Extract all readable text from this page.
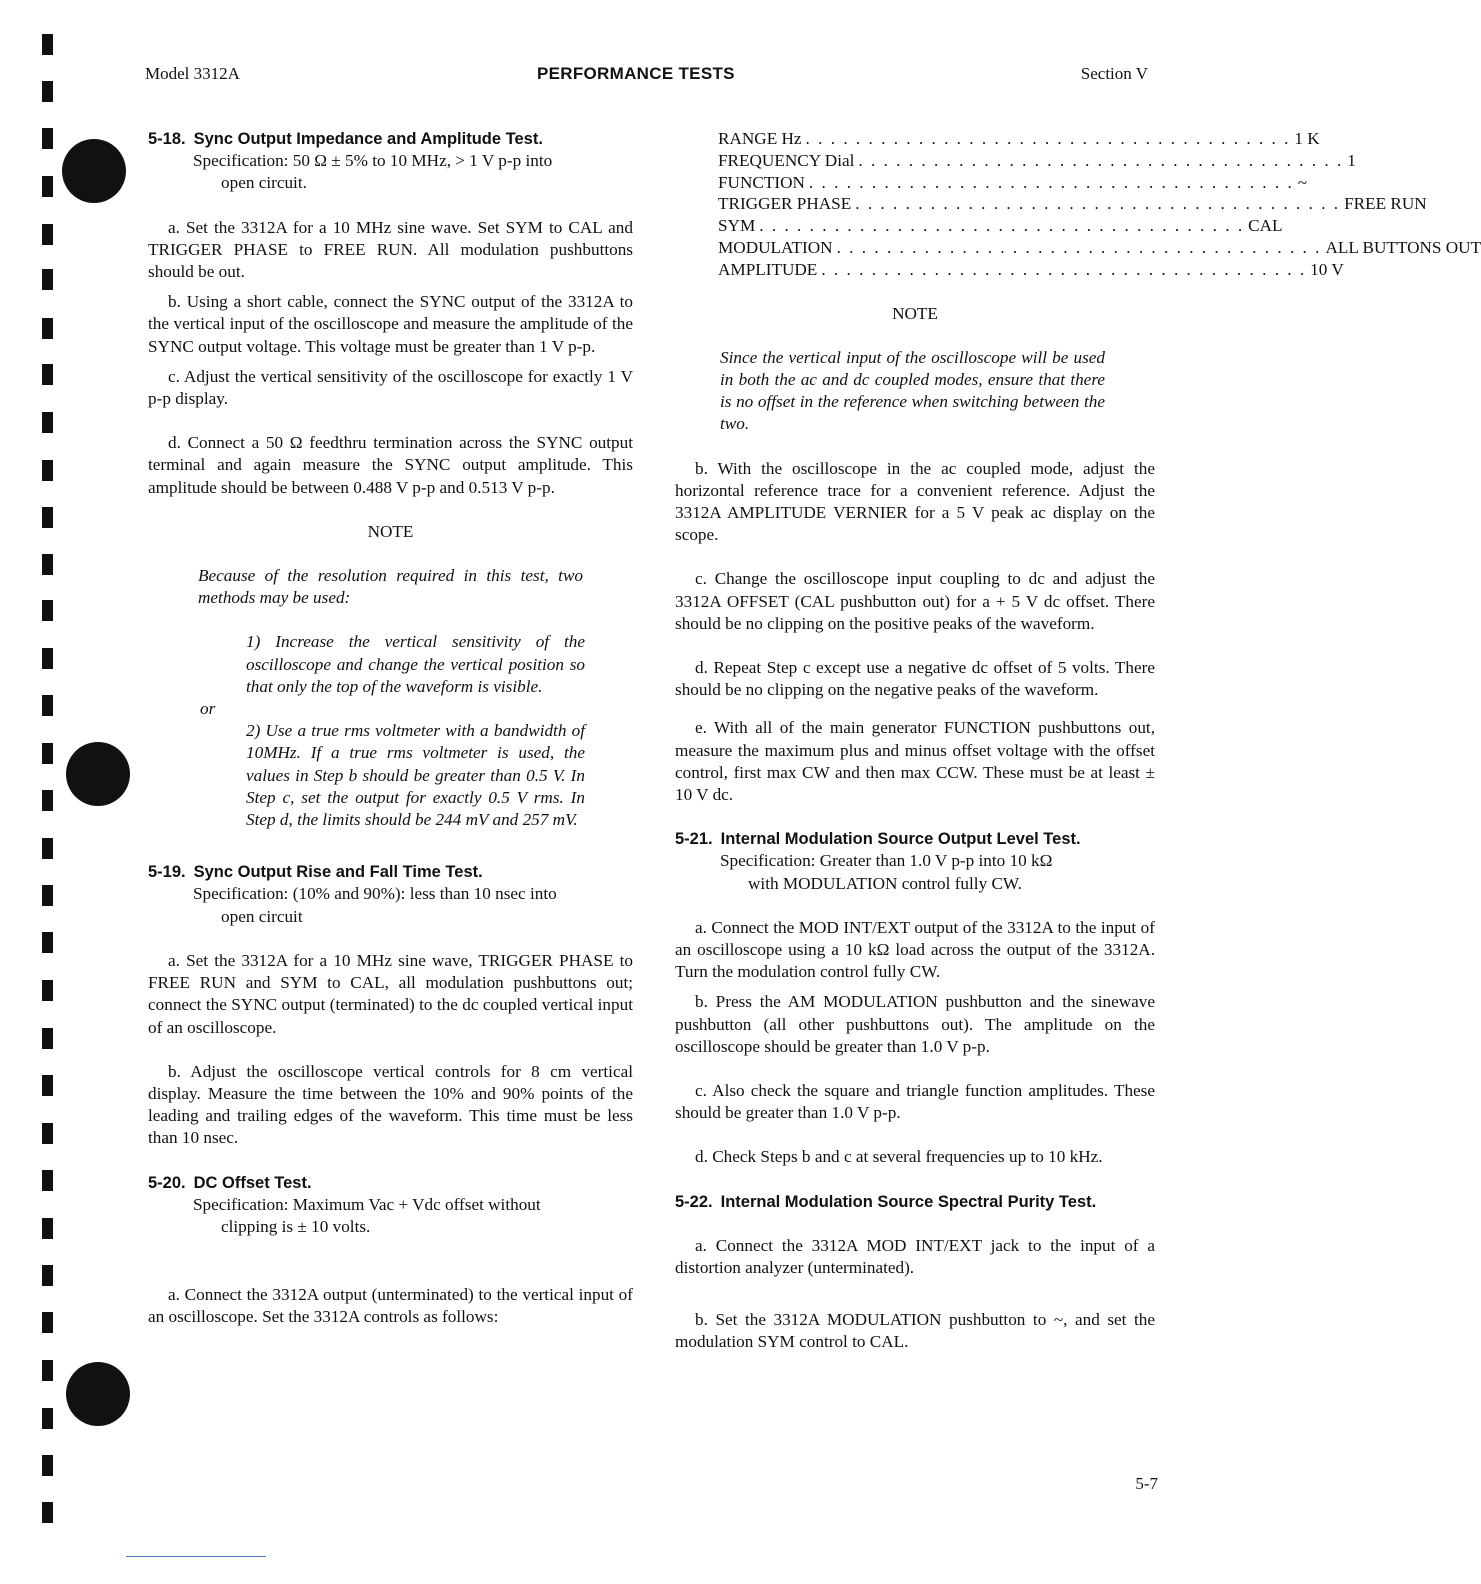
Model 3312A	PERFORMANCE TESTS	Section V
5-18. Sync Output Impedance and Amplitude Test.

Specification: 50 Ω ± 5% to 10 MHz, > 1 V p-p into
open circuit.

a. Set the 3312A for a 10 MHz sine wave. Set SYM to CAL and TRIGGER PHASE to FREE RUN. All modulation pushbuttons should be out.

b. Using a short cable, connect the SYNC output of the 3312A to the vertical input of the oscilloscope and measure the amplitude of the SYNC output voltage. This voltage must be greater than 1 V p-p.

c. Adjust the vertical sensitivity of the oscilloscope for exactly 1 V p-p display.

d. Connect a 50 Ω feedthru termination across the SYNC output terminal and again measure the SYNC output amplitude. This amplitude should be between 0.488 V p-p and 0.513 V p-p.

NOTE

Because of the resolution required in this test, two methods may be used:

1) Increase the vertical sensitivity of the oscilloscope and change the vertical position so that only the top of the waveform is visible.

or

2) Use a true rms voltmeter with a bandwidth of 10MHz. If a true rms voltmeter is used, the values in Step b should be greater than 0.5 V. In Step c, set the output for exactly 0.5 V rms. In Step d, the limits should be 244 mV and 257 mV.

5-19. Sync Output Rise and Fall Time Test.

Specification: (10% and 90%): less than 10 nsec into
open circuit

a. Set the 3312A for a 10 MHz sine wave, TRIGGER PHASE to FREE RUN and SYM to CAL, all modulation pushbuttons out; connect the SYNC output (terminated) to the dc coupled vertical input of an oscilloscope.

b. Adjust the oscilloscope vertical controls for 8 cm vertical display. Measure the time between the 10% and 90% points of the leading and trailing edges of the waveform. This time must be less than 10 nsec.

5-20. DC Offset Test.

Specification: Maximum Vac + Vdc offset without
clipping is ± 10 volts.

a. Connect the 3312A output (unterminated) to the vertical input of an oscilloscope. Set the 3312A controls as follows:

RANGE Hz . . . . . . . . . . . . . . . . . . . . . . . . . . . . . . . . . . . . . . . 1 K
FREQUENCY Dial . . . . . . . . . . . . . . . . . . . . . . . . . . . . . . . . . . . . . . . 1
FUNCTION . . . . . . . . . . . . . . . . . . . . . . . . . . . . . . . . . . . . . . . ~
TRIGGER PHASE . . . . . . . . . . . . . . . . . . . . . . . . . . . . . . . . . . . . . . . FREE RUN
SYM . . . . . . . . . . . . . . . . . . . . . . . . . . . . . . . . . . . . . . . CAL
MODULATION . . . . . . . . . . . . . . . . . . . . . . . . . . . . . . . . . . . . . . . ALL BUTTONS OUT
AMPLITUDE . . . . . . . . . . . . . . . . . . . . . . . . . . . . . . . . . . . . . . . 10 V
NOTE

Since the vertical input of the oscilloscope will be used in both the ac and dc coupled modes, ensure that there is no offset in the reference when switching between the two.

b. With the oscilloscope in the ac coupled mode, adjust the horizontal reference trace for a convenient reference. Adjust the 3312A AMPLITUDE VERNIER for a 5 V peak ac display on the scope.

c. Change the oscilloscope input coupling to dc and adjust the 3312A OFFSET (CAL pushbutton out) for a + 5 V dc offset. There should be no clipping on the positive peaks of the waveform.

d. Repeat Step c except use a negative dc offset of 5 volts. There should be no clipping on the negative peaks of the waveform.

e. With all of the main generator FUNCTION pushbuttons out, measure the maximum plus and minus offset voltage with the offset control, first max CW and then max CCW. These must be at least ± 10 V dc.

5-21. Internal Modulation Source Output Level Test.

Specification: Greater than 1.0 V p-p into 10 kΩ
with MODULATION control fully CW.

a. Connect the MOD INT/EXT output of the 3312A to the input of an oscilloscope using a 10 kΩ load across the output of the 3312A. Turn the modulation control fully CW.

b. Press the AM MODULATION pushbutton and the sinewave pushbutton (all other pushbuttons out). The amplitude on the oscilloscope should be greater than 1.0 V p-p.

c. Also check the square and triangle function amplitudes. These should be greater than 1.0 V p-p.

d. Check Steps b and c at several frequencies up to 10 kHz.

5-22. Internal Modulation Source Spectral Purity Test.

a. Connect the 3312A MOD INT/EXT jack to the input of a distortion analyzer (unterminated).

b. Set the 3312A MODULATION pushbutton to ~, and set the modulation SYM control to CAL.

5-7
